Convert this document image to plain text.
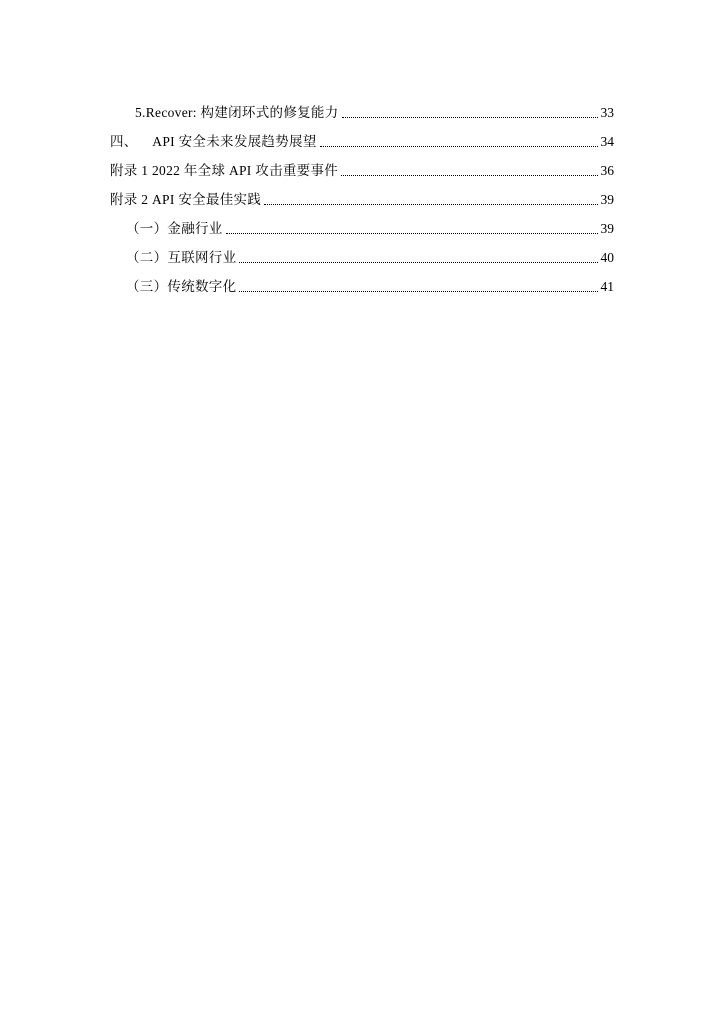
5.Recover: 构建闭环式的修复能力	33
四、    API 安全未来发展趋势展望	34
附录 1 2022 年全球 API 攻击重要事件	36
附录 2 API 安全最佳实践	39
（一）金融行业	39
（二）互联网行业	40
（三）传统数字化	41
